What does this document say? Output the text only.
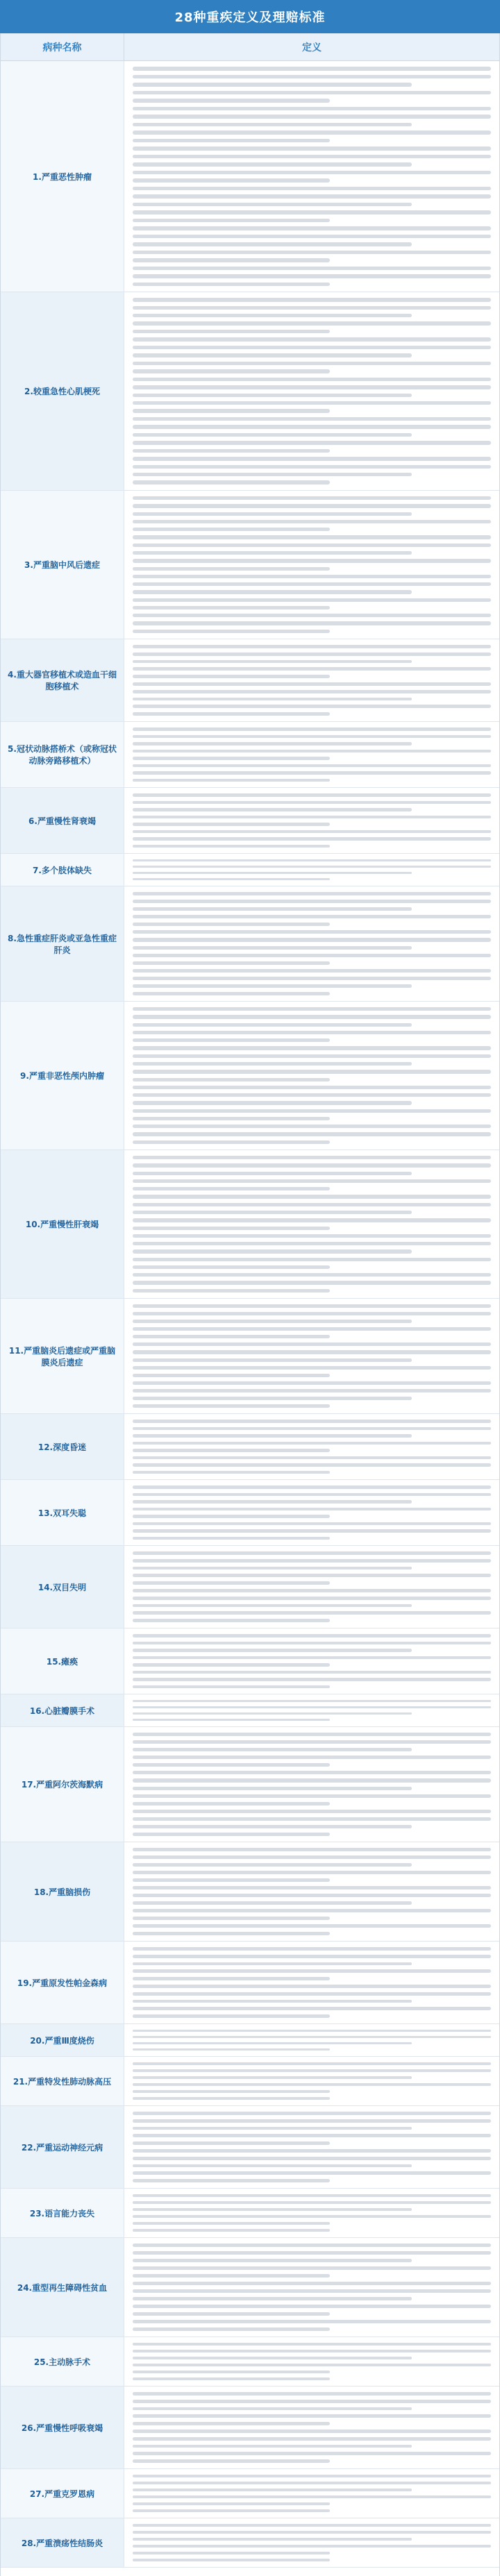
28种重疾定义及理赔标准
病种名称	定义
1.严重恶性肿瘤
2.较重急性心肌梗死
3.严重脑中风后遗症
4.重大器官移植术或造血干细胞移植术
5.冠状动脉搭桥术（或称冠状动脉旁路移植术）
6.严重慢性肾衰竭
7.多个肢体缺失
8.急性重症肝炎或亚急性重症肝炎
9.严重非恶性颅内肿瘤
10.严重慢性肝衰竭
11.严重脑炎后遗症或严重脑膜炎后遗症
12.深度昏迷
13.双耳失聪
14.双目失明
15.瘫痪
16.心脏瓣膜手术
17.严重阿尔茨海默病
18.严重脑损伤
19.严重原发性帕金森病
20.严重Ⅲ度烧伤
21.严重特发性肺动脉高压
22.严重运动神经元病
23.语言能力丧失
24.重型再生障碍性贫血
25.主动脉手术
26.严重慢性呼吸衰竭
27.严重克罗恩病
28.严重溃疡性结肠炎
